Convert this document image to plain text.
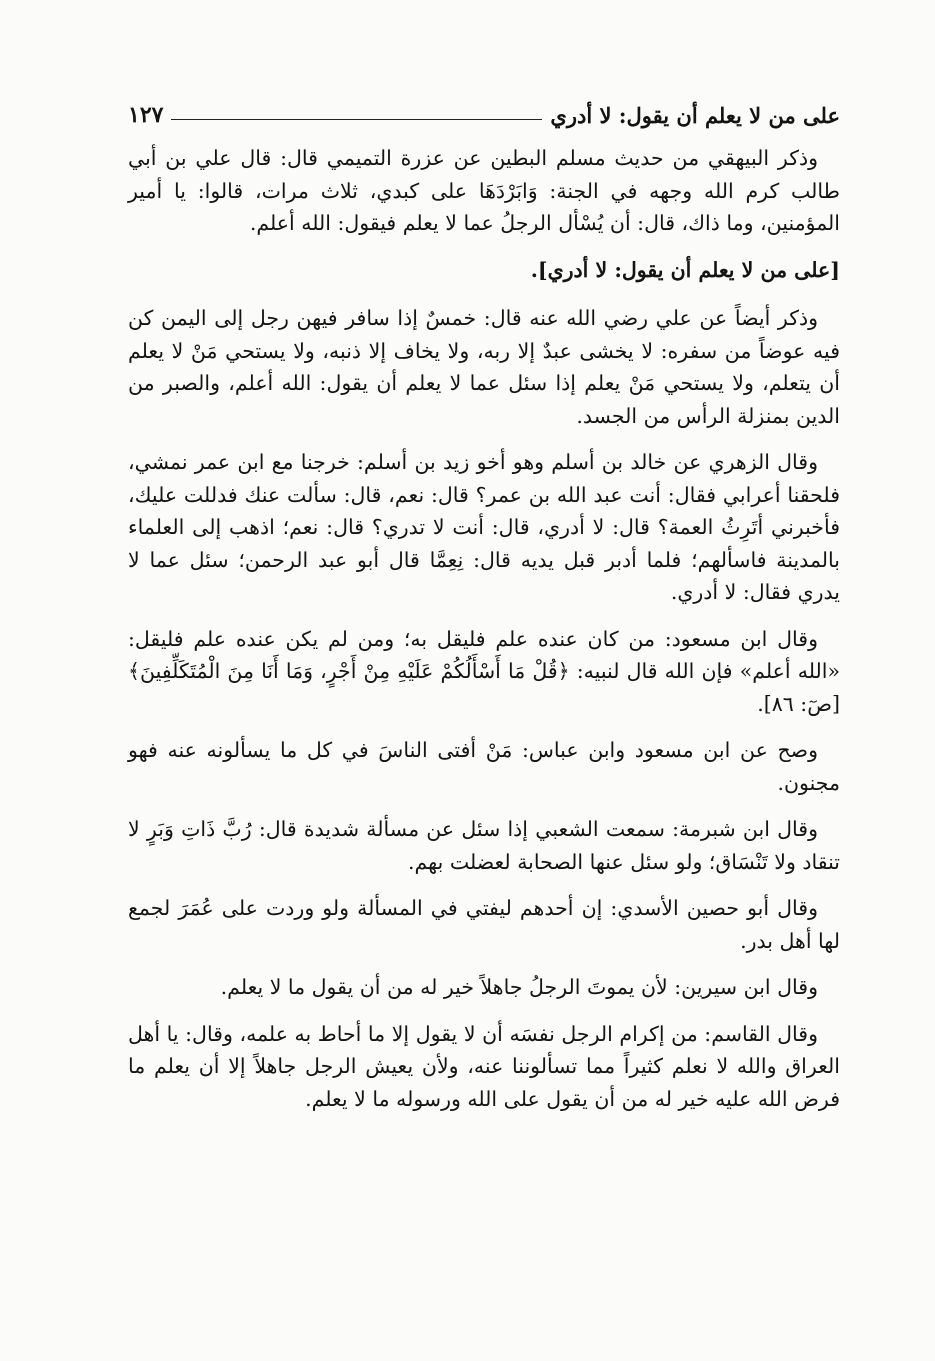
على من لا يعلم أن يقول: لا أدري
١٢٧

وذكر البيهقي من حديث مسلم البطين عن عزرة التميمي قال: قال علي بن أبي طالب كرم الله وجهه في الجنة: وَابَرْدَهَا على كبدي، ثلاث مرات، قالوا: يا أمير المؤمنين، وما ذاك، قال: أن يُسْأل الرجلُ عما لا يعلم فيقول: الله أعلم.

[على من لا يعلم أن يقول: لا أدري].

وذكر أيضاً عن علي رضي الله عنه قال: خمسٌ إذا سافر فيهن رجل إلى اليمن كن فيه عوضاً من سفره: لا يخشى عبدٌ إلا ربه، ولا يخاف إلا ذنبه، ولا يستحي مَنْ لا يعلم أن يتعلم، ولا يستحي مَنْ يعلم إذا سئل عما لا يعلم أن يقول: الله أعلم، والصبر من الدين بمنزلة الرأس من الجسد.

وقال الزهري عن خالد بن أسلم وهو أخو زيد بن أسلم: خرجنا مع ابن عمر نمشي، فلحقنا أعرابي فقال: أنت عبد الله بن عمر؟ قال: نعم، قال: سألت عنك فدللت عليك، فأخبرني أتَرِثُ العمة؟ قال: لا أدري، قال: أنت لا تدري؟ قال: نعم؛ اذهب إلى العلماء بالمدينة فاسألهم؛ فلما أدبر قبل يديه قال: نِعِمَّا قال أبو عبد الرحمن؛ سئل عما لا يدري فقال: لا أدري.

وقال ابن مسعود: من كان عنده علم فليقل به؛ ومن لم يكن عنده علم فليقل: «الله أعلم» فإن الله قال لنبيه: ﴿قُلْ مَا أَسْأَلُكُمْ عَلَيْهِ مِنْ أَجْرٍ، وَمَا أَنَا مِنَ الْمُتَكَلِّفِينَ﴾ [صٓ: ٨٦].

وصح عن ابن مسعود وابن عباس: مَنْ أفتى الناسَ في كل ما يسألونه عنه فهو مجنون.

وقال ابن شبرمة: سمعت الشعبي إذا سئل عن مسألة شديدة قال: رُبَّ ذَاتِ وَبَرٍ لا تنقاد ولا تَنْسَاق؛ ولو سئل عنها الصحابة لعضلت بهم.

وقال أبو حصين الأسدي: إن أحدهم ليفتي في المسألة ولو وردت على عُمَرَ لجمع لها أهل بدر.

وقال ابن سيرين: لأن يموتَ الرجلُ جاهلاً خير له من أن يقول ما لا يعلم.

وقال القاسم: من إكرام الرجل نفسَه أن لا يقول إلا ما أحاط به علمه، وقال: يا أهل العراق والله لا نعلم كثيراً مما تسألوننا عنه، ولأن يعيش الرجل جاهلاً إلا أن يعلم ما فرض الله عليه خير له من أن يقول على الله ورسوله ما لا يعلم.
